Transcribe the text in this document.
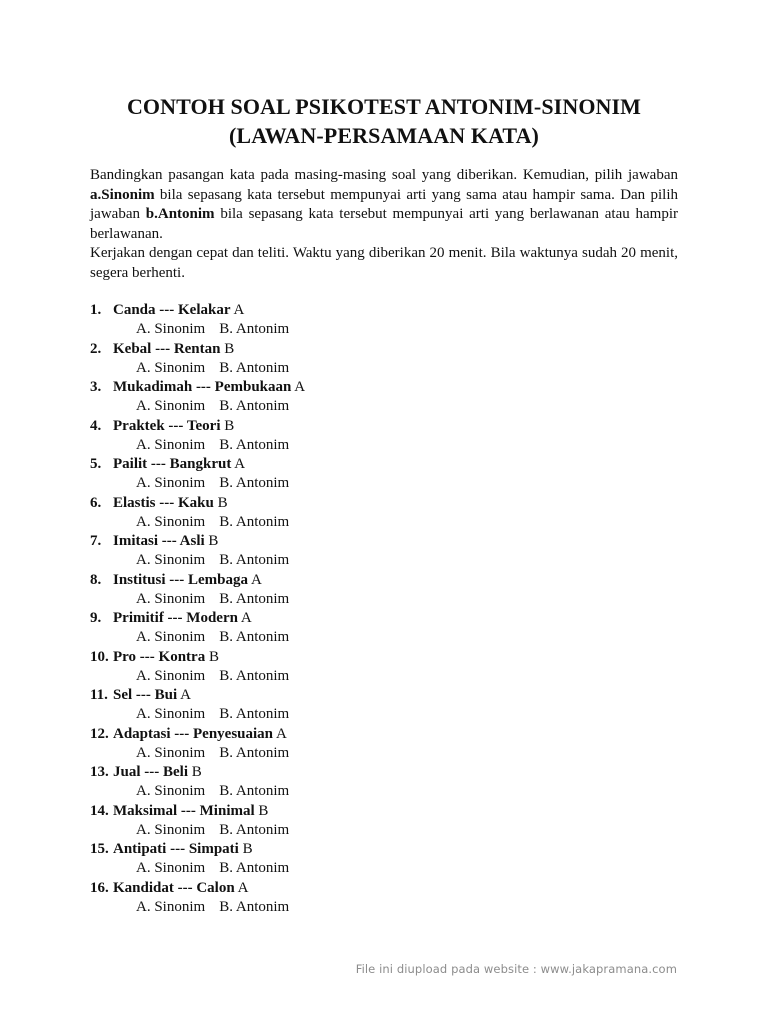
CONTOH SOAL PSIKOTEST ANTONIM-SINONIM
(LAWAN-PERSAMAAN KATA)

Bandingkan pasangan kata pada masing-masing soal yang diberikan. Kemudian, pilih jawaban a.Sinonim bila sepasang kata tersebut mempunyai arti yang sama atau hampir sama. Dan pilih jawaban b.Antonim bila sepasang kata tersebut mempunyai arti yang berlawanan atau hampir berlawanan.

Kerjakan dengan cepat dan teliti. Waktu yang diberikan 20 menit. Bila waktunya sudah 20 menit, segera berhenti.

1. Canda --- Kelakar A
A. Sinonim B. Antonim
2. Kebal --- Rentan B
A. Sinonim B. Antonim
3. Mukadimah --- Pembukaan A
A. Sinonim B. Antonim
4. Praktek --- Teori B
A. Sinonim B. Antonim
5. Pailit --- Bangkrut A
A. Sinonim B. Antonim
6. Elastis --- Kaku B
A. Sinonim B. Antonim
7. Imitasi --- Asli B
A. Sinonim B. Antonim
8. Institusi --- Lembaga A
A. Sinonim B. Antonim
9. Primitif --- Modern A
A. Sinonim B. Antonim
10. Pro --- Kontra B
A. Sinonim B. Antonim
11. Sel --- Bui A
A. Sinonim B. Antonim
12. Adaptasi --- Penyesuaian A
A. Sinonim B. Antonim
13. Jual --- Beli B
A. Sinonim B. Antonim
14. Maksimal --- Minimal B
A. Sinonim B. Antonim
15. Antipati --- Simpati B
A. Sinonim B. Antonim
16. Kandidat --- Calon A
A. Sinonim B. Antonim
File ini diupload pada website : www.jakapramana.com
